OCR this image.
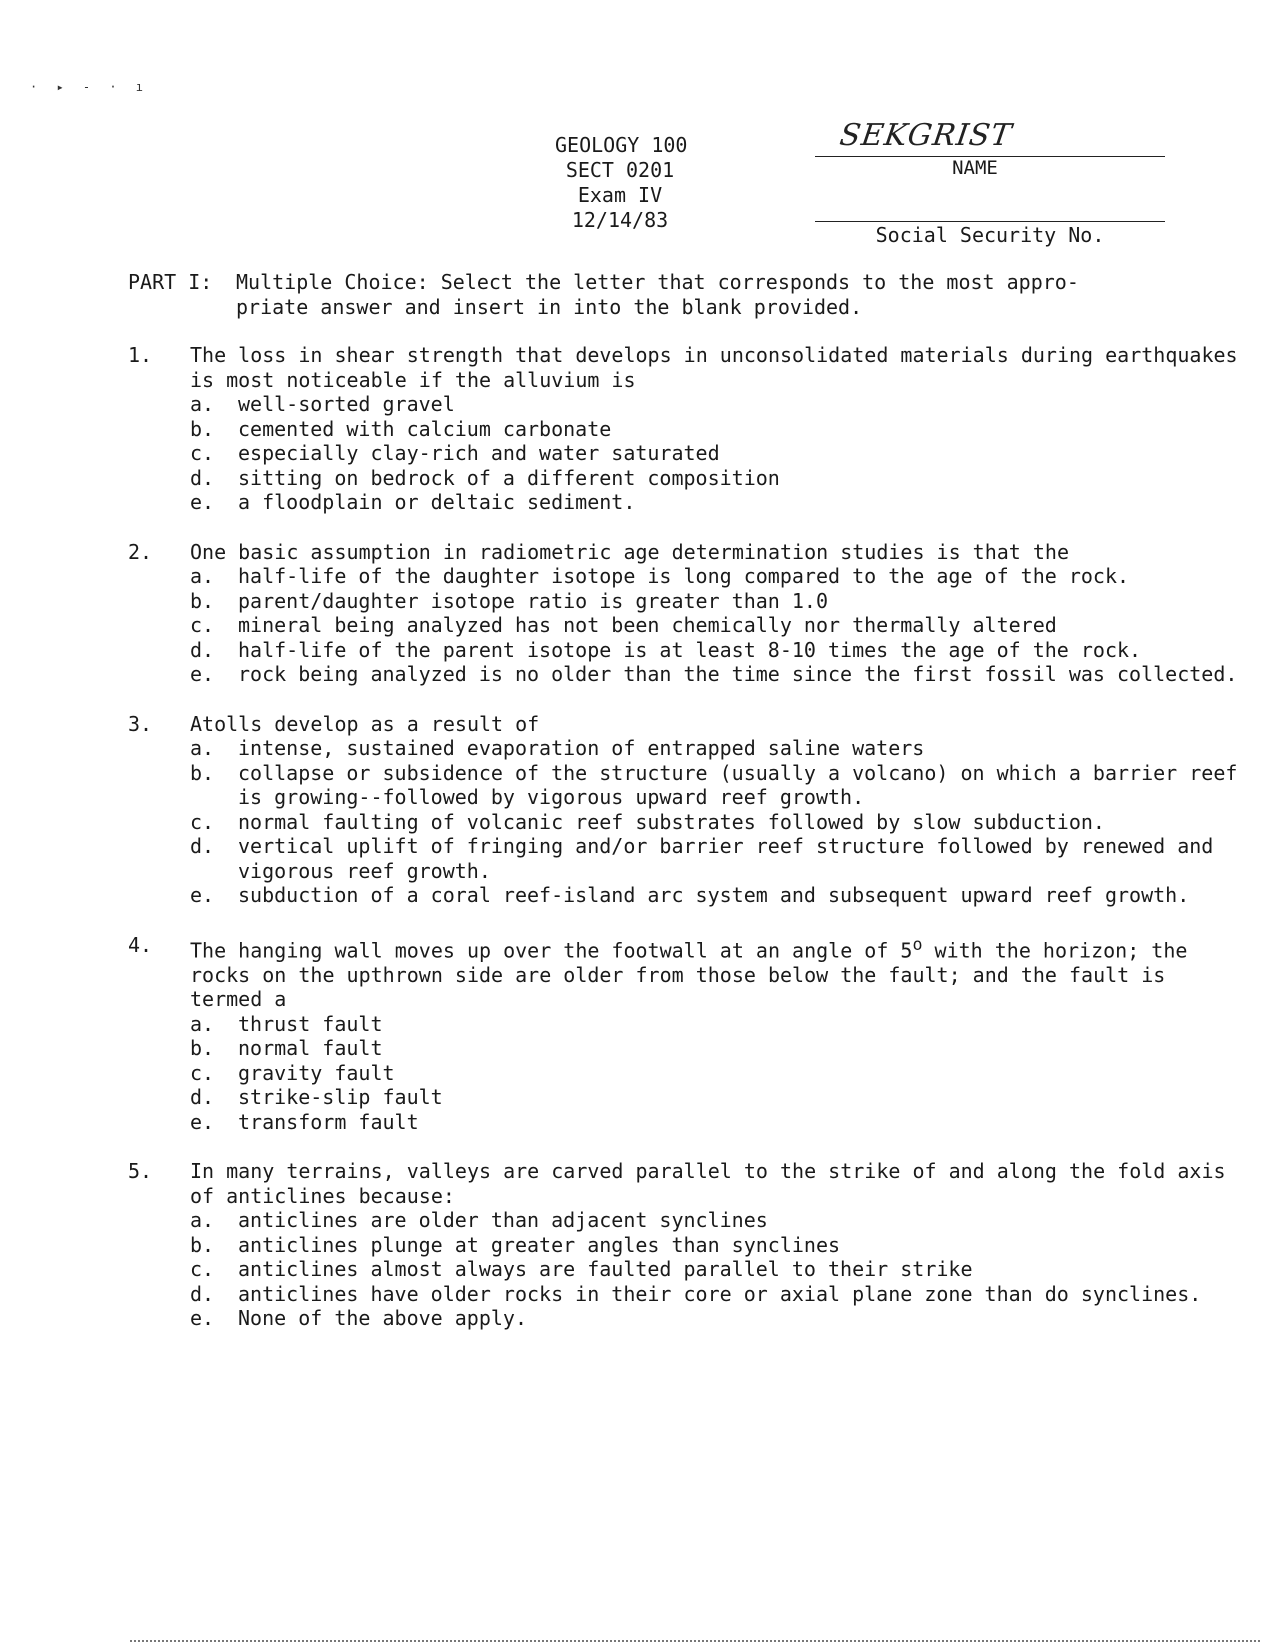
· ▸ - · ı
GEOLOGY 100
SECT 0201
Exam IV
12/14/83
SEKGRIST
NAME
Social Security No.
PART I:	Multiple Choice: Select the letter that corresponds to the most appro-
priate answer and insert in into the blank provided.
1.	The loss in shear strength that develops in unconsolidated materials during earthquakes is most noticeable if the alluvium is
a.	well-sorted gravel
b.	cemented with calcium carbonate
c.	especially clay-rich and water saturated
d.	sitting on bedrock of a different composition
e.	a floodplain or deltaic sediment.
2.	One basic assumption in radiometric age determination studies is that the
a.	half-life of the daughter isotope is long compared to the age of the rock.
b.	parent/daughter isotope ratio is greater than 1.0
c.	mineral being analyzed has not been chemically nor thermally altered
d.	half-life of the parent isotope is at least 8-10 times the age of the rock.
e.	rock being analyzed is no older than the time since the first fossil was collected.
3.	Atolls develop as a result of
a.	intense, sustained evaporation of entrapped saline waters
b.	collapse or subsidence of the structure (usually a volcano) on which a barrier reef is growing--followed by vigorous upward reef growth.
c.	normal faulting of volcanic reef substrates followed by slow subduction.
d.	vertical uplift of fringing and/or barrier reef structure followed by renewed and vigorous reef growth.
e.	subduction of a coral reef-island arc system and subsequent upward reef growth.
4.	The hanging wall moves up over the footwall at an angle of 5$^o$ with the horizon; the rocks on the upthrown side are older from those below the fault; and the fault is termed a
a.	thrust fault
b.	normal fault
c.	gravity fault
d.	strike-slip fault
e.	transform fault
5.	In many terrains, valleys are carved parallel to the strike of and along the fold axis of anticlines because:
a.	anticlines are older than adjacent synclines
b.	anticlines plunge at greater angles than synclines
c.	anticlines almost always are faulted parallel to their strike
d.	anticlines have older rocks in their core or axial plane zone than do synclines.
e.	None of the above apply.
